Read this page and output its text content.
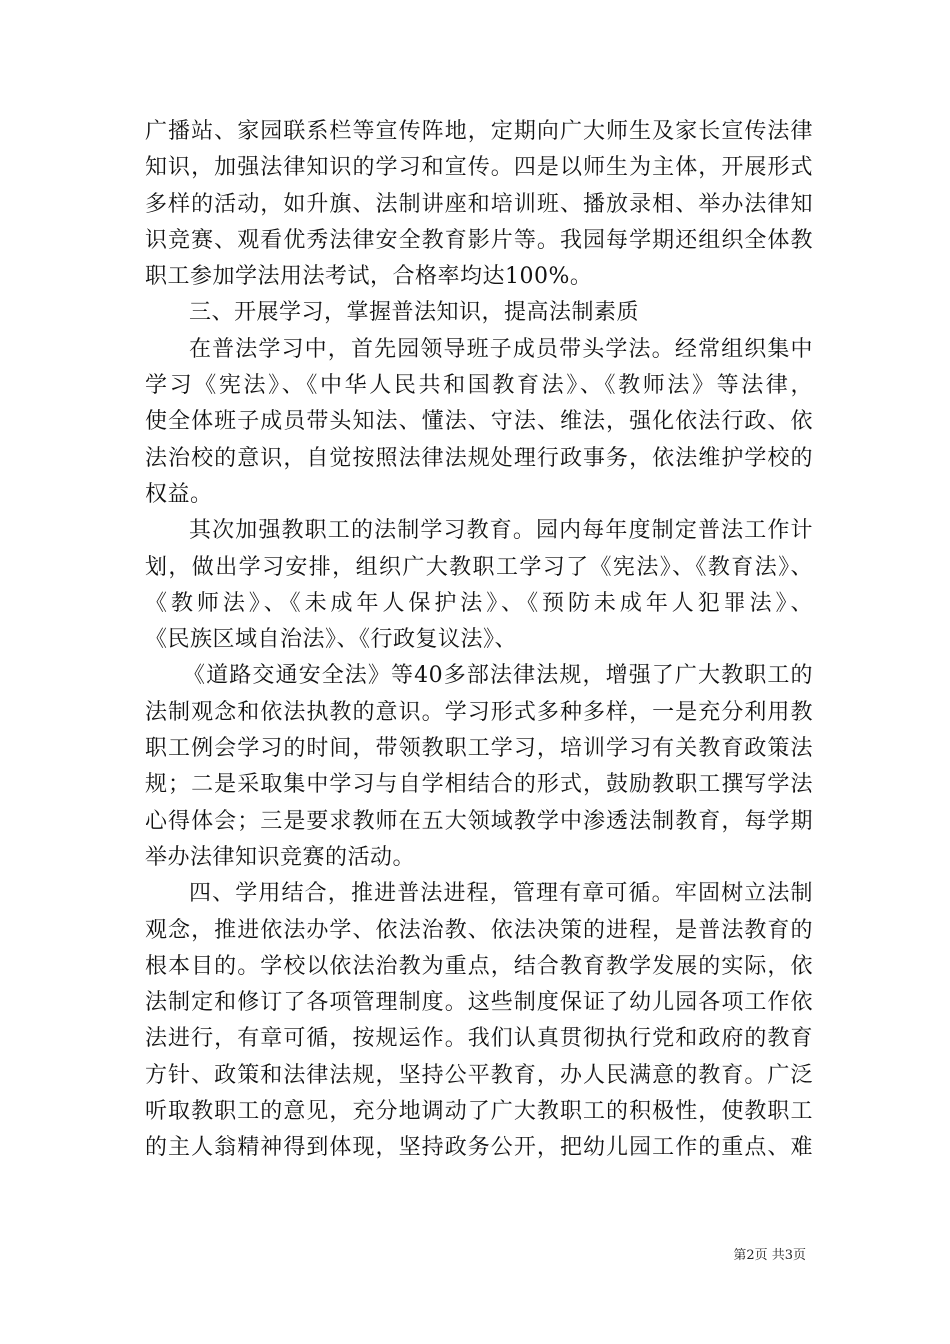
广播站、家园联系栏等宣传阵地，定期向广大师生及家长宣传法律
知识，加强法律知识的学习和宣传。四是以师生为主体，开展形式
多样的活动，如升旗、法制讲座和培训班、播放录相、举办法律知
识竞赛、观看优秀法律安全教育影片等。我园每学期还组织全体教
职工参加学法用法考试，合格率均达100%。
三、开展学习，掌握普法知识，提高法制素质
在普法学习中，首先园领导班子成员带头学法。经常组织集中
学习《宪法》、《中华人民共和国教育法》、《教师法》等法律，
使全体班子成员带头知法、懂法、守法、维法，强化依法行政、依
法治校的意识，自觉按照法律法规处理行政事务，依法维护学校的
权益。
其次加强教职工的法制学习教育。园内每年度制定普法工作计
划，做出学习安排，组织广大教职工学习了《宪法》、《教育法》、
《教师法》、《未成年人保护法》、《预防未成年人犯罪法》、
《民族区域自治法》、《行政复议法》、
《道路交通安全法》等40多部法律法规，增强了广大教职工的
法制观念和依法执教的意识。学习形式多种多样，一是充分利用教
职工例会学习的时间，带领教职工学习，培训学习有关教育政策法
规；二是采取集中学习与自学相结合的形式，鼓励教职工撰写学法
心得体会；三是要求教师在五大领域教学中渗透法制教育，每学期
举办法律知识竞赛的活动。
四、学用结合，推进普法进程，管理有章可循。牢固树立法制
观念，推进依法办学、依法治教、依法决策的进程，是普法教育的
根本目的。学校以依法治教为重点，结合教育教学发展的实际，依
法制定和修订了各项管理制度。这些制度保证了幼儿园各项工作依
法进行，有章可循，按规运作。我们认真贯彻执行党和政府的教育
方针、政策和法律法规，坚持公平教育，办人民满意的教育。广泛
听取教职工的意见，充分地调动了广大教职工的积极性，使教职工
的主人翁精神得到体现，坚持政务公开，把幼儿园工作的重点、难
第2页 共3页
